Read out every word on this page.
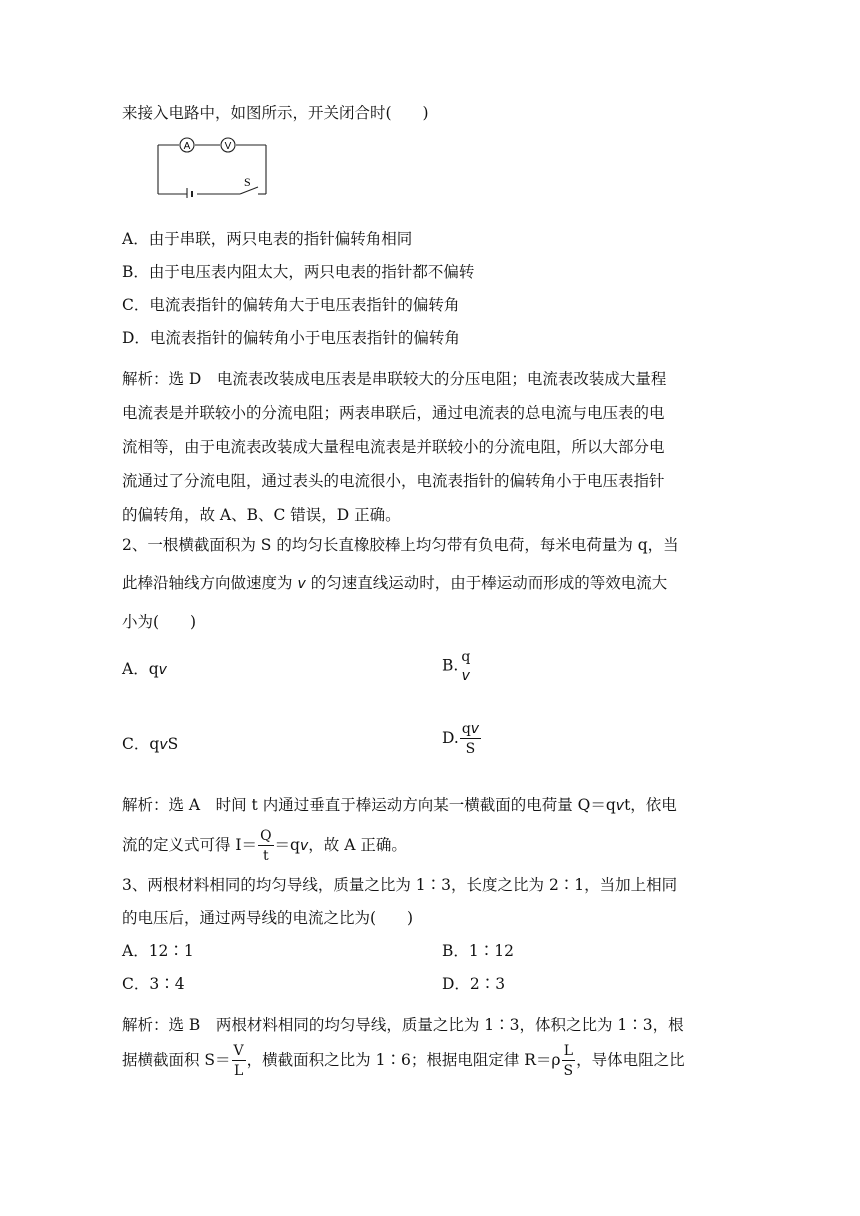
来接入电路中，如图所示，开关闭合时(　　)
A	V
S
A．由于串联，两只电表的指针偏转角相同
B．由于电压表内阻太大，两只电表的指针都不偏转
C．电流表指针的偏转角大于电压表指针的偏转角
D．电流表指针的偏转角小于电压表指针的偏转角
解析：选 D　电流表改装成电压表是串联较大的分压电阻；电流表改装成大量程
电流表是并联较小的分流电阻；两表串联后，通过电流表的总电流与电压表的电
流相等，由于电流表改装成大量程电流表是并联较小的分流电阻，所以大部分电
流通过了分流电阻，通过表头的电流很小，电流表指针的偏转角小于电压表指针
的偏转角，故 A、B、C 错误，D 正确。
2、一根横截面积为 S 的均匀长直橡胶棒上均匀带有负电荷，每米电荷量为 q，当
此棒沿轴线方向做速度为 v 的匀速直线运动时，由于棒运动而形成的等效电流大
小为(　　)
A．qv	B. q
v
C．qvS	D. $\frac{qv}{S}$
解析：选 A　时间 t 内通过垂直于棒运动方向某一横截面的电荷量 Q＝qvt，依电
流的定义式可得 $I= \frac{Q}{t} =qv$，故 A 正确。
3、两根材料相同的均匀导线，质量之比为 1∶3，长度之比为 2∶1，当加上相同
的电压后，通过两导线的电流之比为(　　)
A．12∶1	B．1∶12
C．3∶4	D．2∶3
解析：选 B　两根材料相同的均匀导线，质量之比为 1∶3，体积之比为 1∶3，根
据横截面积 $S= \frac{V}{L}$ ，横截面积之比为 1∶6；根据电阻定律 $R=\rho \frac{L}{S}$ ，导体电阻之比
